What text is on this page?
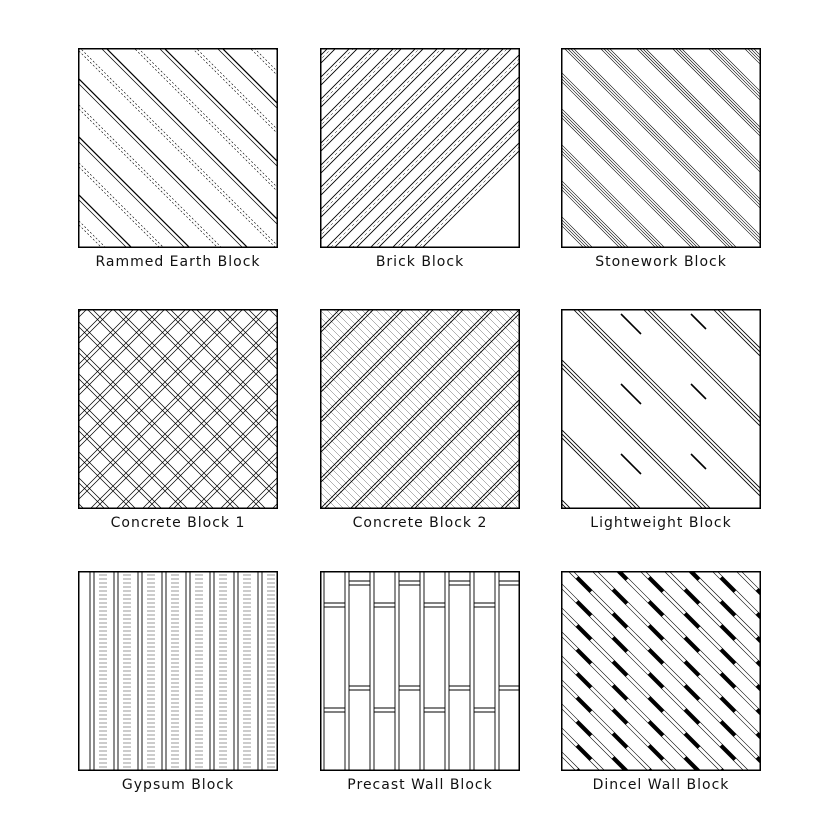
Rammed Earth Block	Brick Block	Stonework Block
Concrete Block 1	Concrete Block 2	Lightweight Block
Gypsum Block	Precast Wall Block	Dincel Wall Block
